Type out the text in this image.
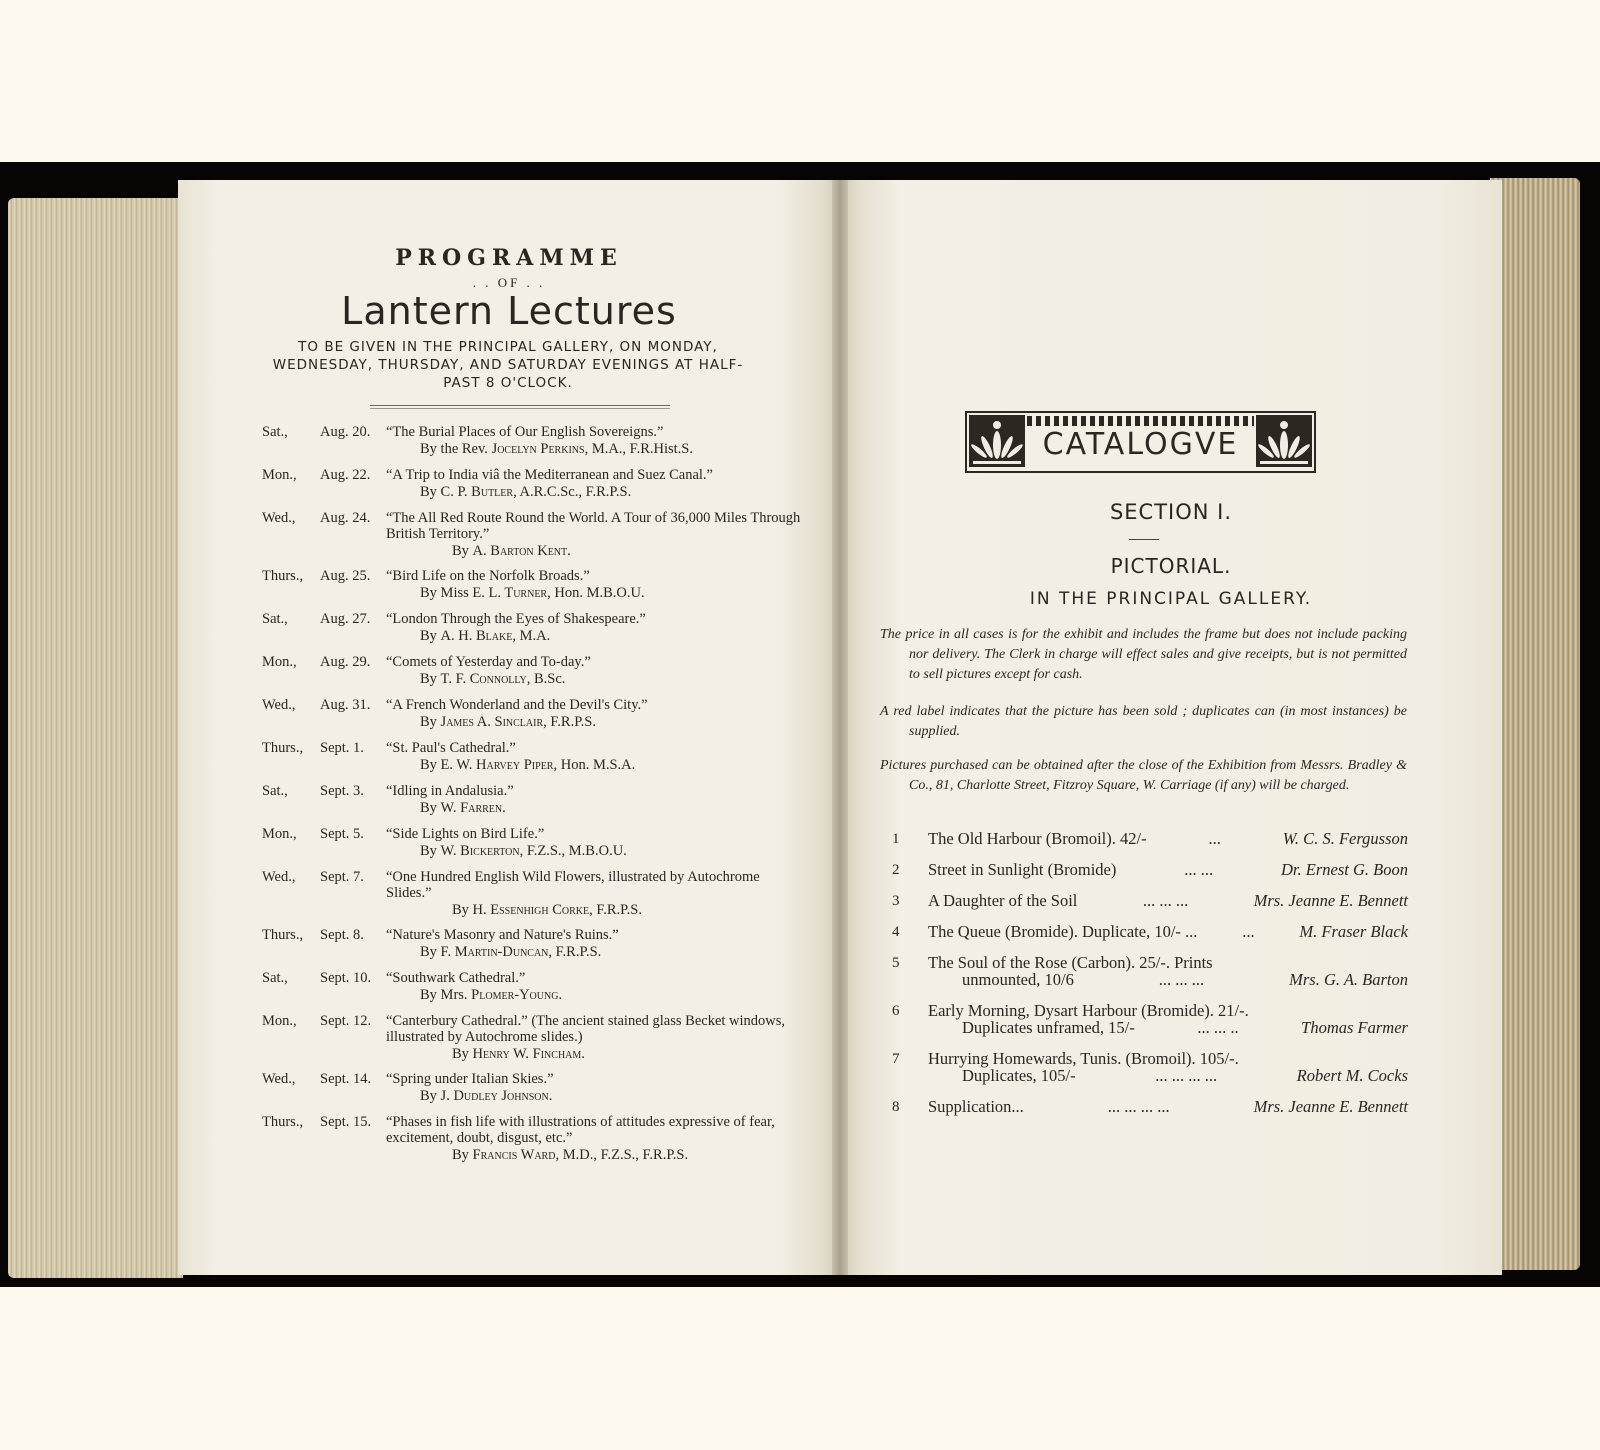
PROGRAMME
. . OF . .
Lantern Lectures
TO BE GIVEN IN THE PRINCIPAL GALLERY, ON MONDAY, WEDNESDAY, THURSDAY, AND SATURDAY EVENINGS AT HALF-PAST 8 O'CLOCK.
Sat.,	Aug. 20.	“The Burial Places of Our English Sovereigns.”
By the Rev. Jocelyn Perkins, M.A., F.R.Hist.S.
Mon.,	Aug. 22.	“A Trip to India viâ the Mediterranean and Suez Canal.”
By C. P. Butler, A.R.C.Sc., F.R.P.S.
Wed.,	Aug. 24.	“The All Red Route Round the World. A Tour of 36,000 Miles Through British Territory.”
By A. Barton Kent.
Thurs.,	Aug. 25.	“Bird Life on the Norfolk Broads.”
By Miss E. L. Turner, Hon. M.B.O.U.
Sat.,	Aug. 27.	“London Through the Eyes of Shakespeare.”
By A. H. Blake, M.A.
Mon.,	Aug. 29.	“Comets of Yesterday and To-day.”
By T. F. Connolly, B.Sc.
Wed.,	Aug. 31.	“A French Wonderland and the Devil's City.”
By James A. Sinclair, F.R.P.S.
Thurs.,	Sept. 1.	“St. Paul's Cathedral.”
By E. W. Harvey Piper, Hon. M.S.A.
Sat.,	Sept. 3.	“Idling in Andalusia.”
By W. Farren.
Mon.,	Sept. 5.	“Side Lights on Bird Life.”
By W. Bickerton, F.Z.S., M.B.O.U.
Wed.,	Sept. 7.	“One Hundred English Wild Flowers, illustrated by Autochrome Slides.”
By H. Essenhigh Corke, F.R.P.S.
Thurs.,	Sept. 8.	“Nature's Masonry and Nature's Ruins.”
By F. Martin-Duncan, F.R.P.S.
Sat.,	Sept. 10.	“Southwark Cathedral.”
By Mrs. Plomer-Young.
Mon.,	Sept. 12.	“Canterbury Cathedral.” (The ancient stained glass Becket windows, illustrated by Autochrome slides.)
By Henry W. Fincham.
Wed.,	Sept. 14.	“Spring under Italian Skies.”
By J. Dudley Johnson.
Thurs.,	Sept. 15.	“Phases in fish life with illustrations of attitudes expressive of fear, excitement, doubt, disgust, etc.”
By Francis Ward, M.D., F.Z.S., F.R.P.S.
CATALOGVE
SECTION I.
PICTORIAL.
IN THE PRINCIPAL GALLERY.

The price in all cases is for the exhibit and includes the frame but does not include packing nor delivery. The Clerk in charge will effect sales and give receipts, but is not permitted to sell pictures except for cash.

A red label indicates that the picture has been sold ; duplicates can (in most instances) be supplied.

Pictures purchased can be obtained after the close of the Exhibition from Messrs. Bradley & Co., 81, Charlotte Street, Fitzroy Square, W. Carriage (if any) will be charged.

1 The Old Harbour (Bromoil). 42/-	...	W. C. S. Fergusson
2 Street in Sunlight (Bromide)	... ...	Dr. Ernest G. Boon
3 A Daughter of the Soil	... ... ...	Mrs. Jeanne E. Bennett
4 The Queue (Bromide). Duplicate, 10/- ...	...	M. Fraser Black
5 The Soul of the Rose (Carbon). 25/-. Prints
unmounted, 10/6	... ... ...	Mrs. G. A. Barton
6 Early Morning, Dysart Harbour (Bromide). 21/-.
Duplicates unframed, 15/-	... ... ..	Thomas Farmer
7 Hurrying Homewards, Tunis. (Bromoil). 105/-.
Duplicates, 105/-	... ... ... ...	Robert M. Cocks
8 Supplication...	... ... ... ...	Mrs. Jeanne E. Bennett
